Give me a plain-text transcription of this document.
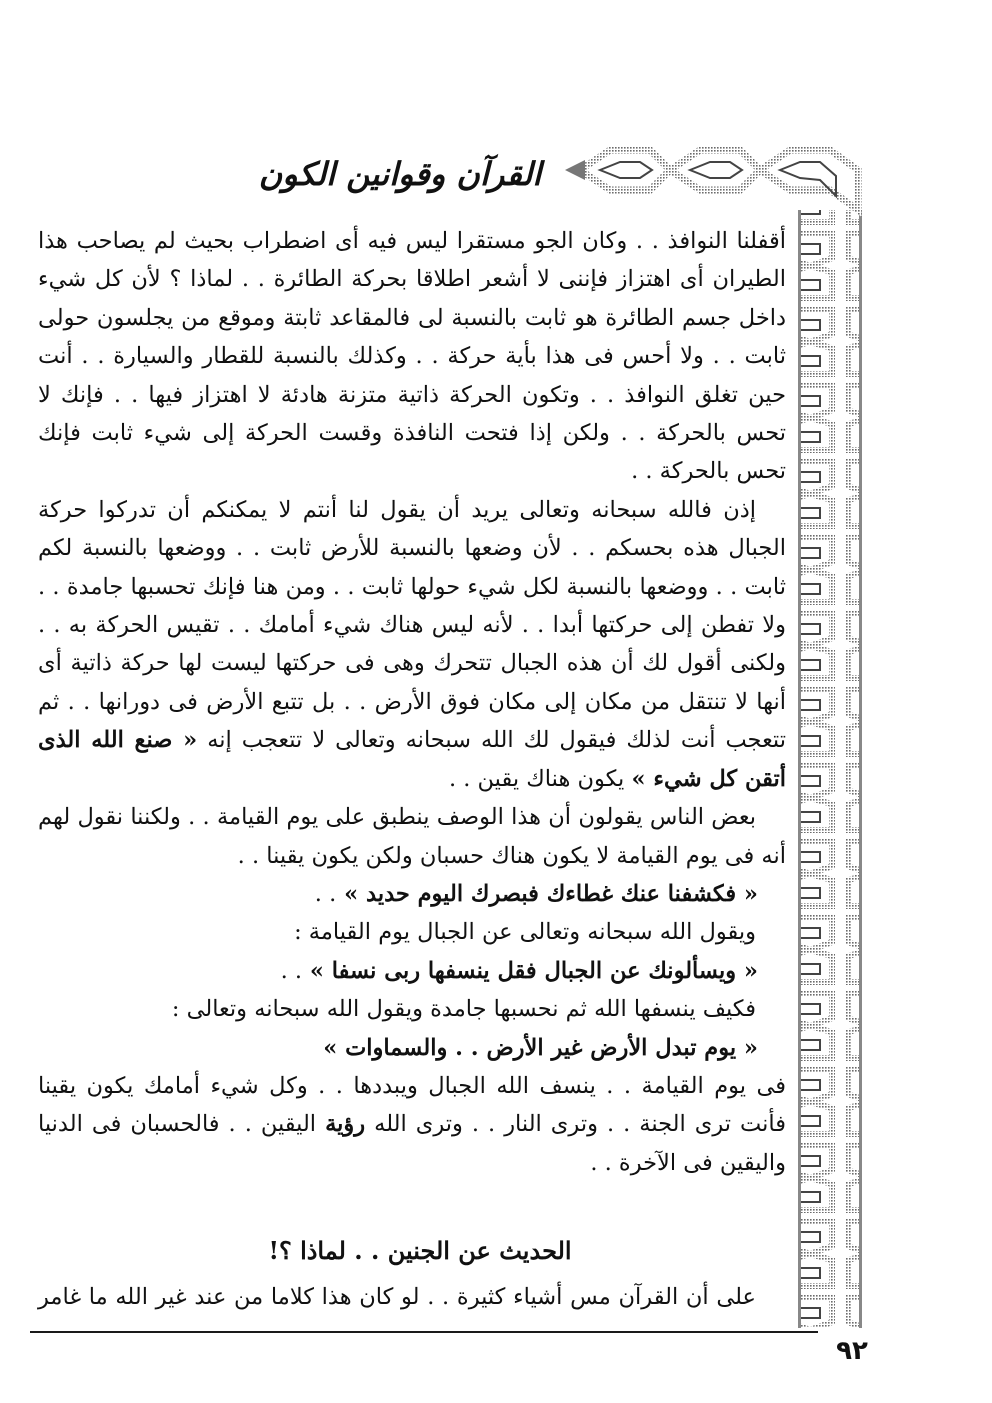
القرآن وقوانين الكون

أقفلنا النوافذ . . وكان الجو مستقرا ليس فيه أى اضطراب بحيث لم يصاحب هذا الطيران أى اهتزاز فإننى لا أشعر اطلاقا بحركة الطائرة . . لماذا ؟ لأن كل شيء داخل جسم الطائرة هو ثابت بالنسبة لى فالمقاعد ثابتة وموقع من يجلسون حولى ثابت . . ولا أحس فى هذا بأية حركة . . وكذلك بالنسبة للقطار والسيارة . . أنت حين تغلق النوافذ . . وتكون الحركة ذاتية متزنة هادئة لا اهتزاز فيها . . فإنك لا تحس بالحركة . . ولكن إذا فتحت النافذة وقست الحركة إلى شيء ثابت فإنك تحس بالحركة . .

إذن فالله سبحانه وتعالى يريد أن يقول لنا أنتم لا يمكنكم أن تدركوا حركة الجبال هذه بحسكم . . لأن وضعها بالنسبة للأرض ثابت . . ووضعها بالنسبة لكم ثابت . . ووضعها بالنسبة لكل شيء حولها ثابت . . ومن هنا فإنك تحسبها جامدة . . ولا تفطن إلى حركتها أبدا . . لأنه ليس هناك شيء أمامك . . تقيس الحركة به . . ولكنى أقول لك أن هذه الجبال تتحرك وهى فى حركتها ليست لها حركة ذاتية أى أنها لا تنتقل من مكان إلى مكان فوق الأرض . . بل تتبع الأرض فى دورانها . . ثم تتعجب أنت لذلك فيقول لك الله سبحانه وتعالى لا تتعجب إنه « صنع الله الذى أتقن كل شيء » يكون هناك يقين . .

بعض الناس يقولون أن هذا الوصف ينطبق على يوم القيامة . . ولكننا نقول لهم أنه فى يوم القيامة لا يكون هناك حسبان ولكن يكون يقينا . .

« فكشفنا عنك غطاءك فبصرك اليوم حديد » . .

ويقول الله سبحانه وتعالى عن الجبال يوم القيامة :

« ويسألونك عن الجبال فقل ينسفها ربى نسفا » . .

فكيف ينسفها الله ثم نحسبها جامدة ويقول الله سبحانه وتعالى :

« يوم تبدل الأرض غير الأرض . . والسماوات »

فى يوم القيامة . . ينسف الله الجبال ويبددها . . وكل شيء أمامك يكون يقينا فأنت ترى الجنة . . وترى النار . . وترى الله رؤية اليقين . . فالحسبان فى الدنيا واليقين فى الآخرة . .

الحديث عن الجنين . . لماذا ؟!
على أن القرآن مس أشياء كثيرة . . لو كان هذا كلاما من عند غير الله ما غامر
٩٢
